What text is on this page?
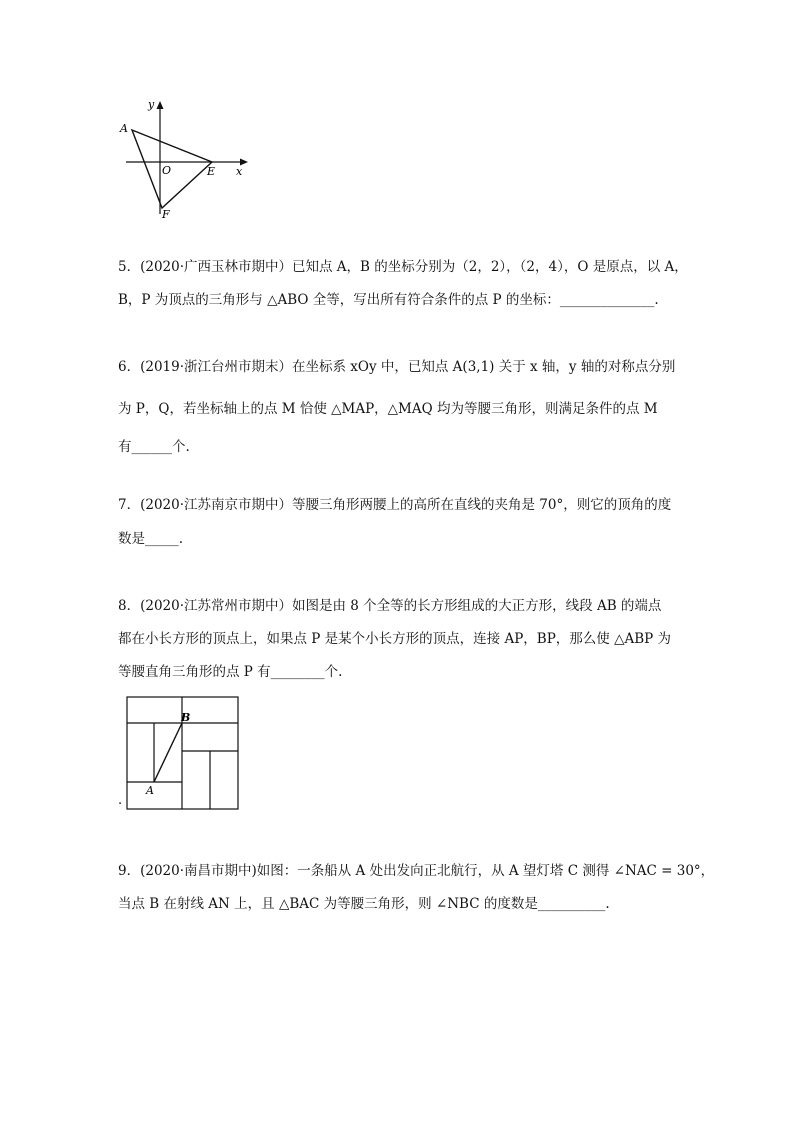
y
A
O	E x
F
5．(2020·广西玉林市期中）已知点 A，B 的坐标分别为（2，2），（2，4），O 是原点，以 A，
B，P 为顶点的三角形与 △ABO 全等，写出所有符合条件的点 P 的坐标：______________.
6．(2019·浙江台州市期末）在坐标系 xOy 中，已知点 A(3,1) 关于 x 轴，y 轴的对称点分别
为 P，Q，若坐标轴上的点 M 恰使 △MAP，△MAQ 均为等腰三角形，则满足条件的点 M
有______个.
7．(2020·江苏南京市期中）等腰三角形两腰上的高所在直线的夹角是 70°，则它的顶角的度
数是_____.
8．(2020·江苏常州市期中）如图是由 8 个全等的长方形组成的大正方形，线段 AB 的端点
都在小长方形的顶点上，如果点 P 是某个小长方形的顶点，连接 AP，BP，那么使 △ABP 为
等腰直角三角形的点 P 有________个.
B
A
.
9．(2020·南昌市期中)如图：一条船从 A 处出发向正北航行，从 A 望灯塔 C 测得 ∠NAC = 30°，
当点 B 在射线 AN 上，且 △BAC 为等腰三角形，则 ∠NBC 的度数是__________.
